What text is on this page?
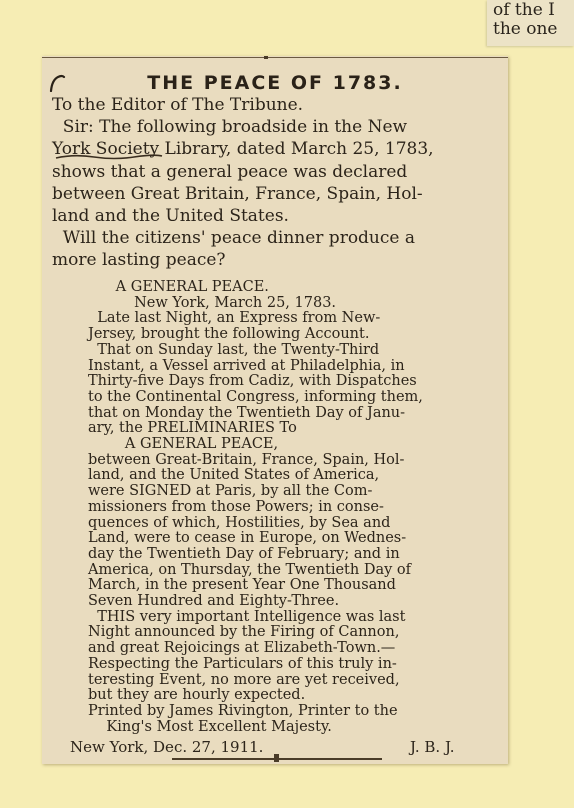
of the I
the one
THE PEACE OF 1783.
To the Editor of The Tribune.
Sir: The following broadside in the New
York Society Library, dated March 25, 1783,
shows that a general peace was declared
between Great Britain, France, Spain, Hol-
land and the United States.
Will the citizens' peace dinner produce a
more lasting peace?
A GENERAL PEACE.
New York, March 25, 1783.
Late last Night, an Express from New-
Jersey, brought the following Account.
That on Sunday last, the Twenty-Third
Instant, a Vessel arrived at Philadelphia, in
Thirty-five Days from Cadiz, with Dispatches
to the Continental Congress, informing them,
that on Monday the Twentieth Day of Janu-
ary, the PRELIMINARIES To
A GENERAL PEACE,
between Great-Britain, France, Spain, Hol-
land, and the United States of America,
were SIGNED at Paris, by all the Com-
missioners from those Powers; in conse-
quences of which, Hostilities, by Sea and
Land, were to cease in Europe, on Wednes-
day the Twentieth Day of February; and in
America, on Thursday, the Twentieth Day of
March, in the present Year One Thousand
Seven Hundred and Eighty-Three.
THIS very important Intelligence was last
Night announced by the Firing of Cannon,
and great Rejoicings at Elizabeth-Town.—
Respecting the Particulars of this truly in-
teresting Event, no more are yet received,
but they are hourly expected.
Printed by James Rivington, Printer to the
King's Most Excellent Majesty.
New York, Dec. 27, 1911.	J. B. J.
